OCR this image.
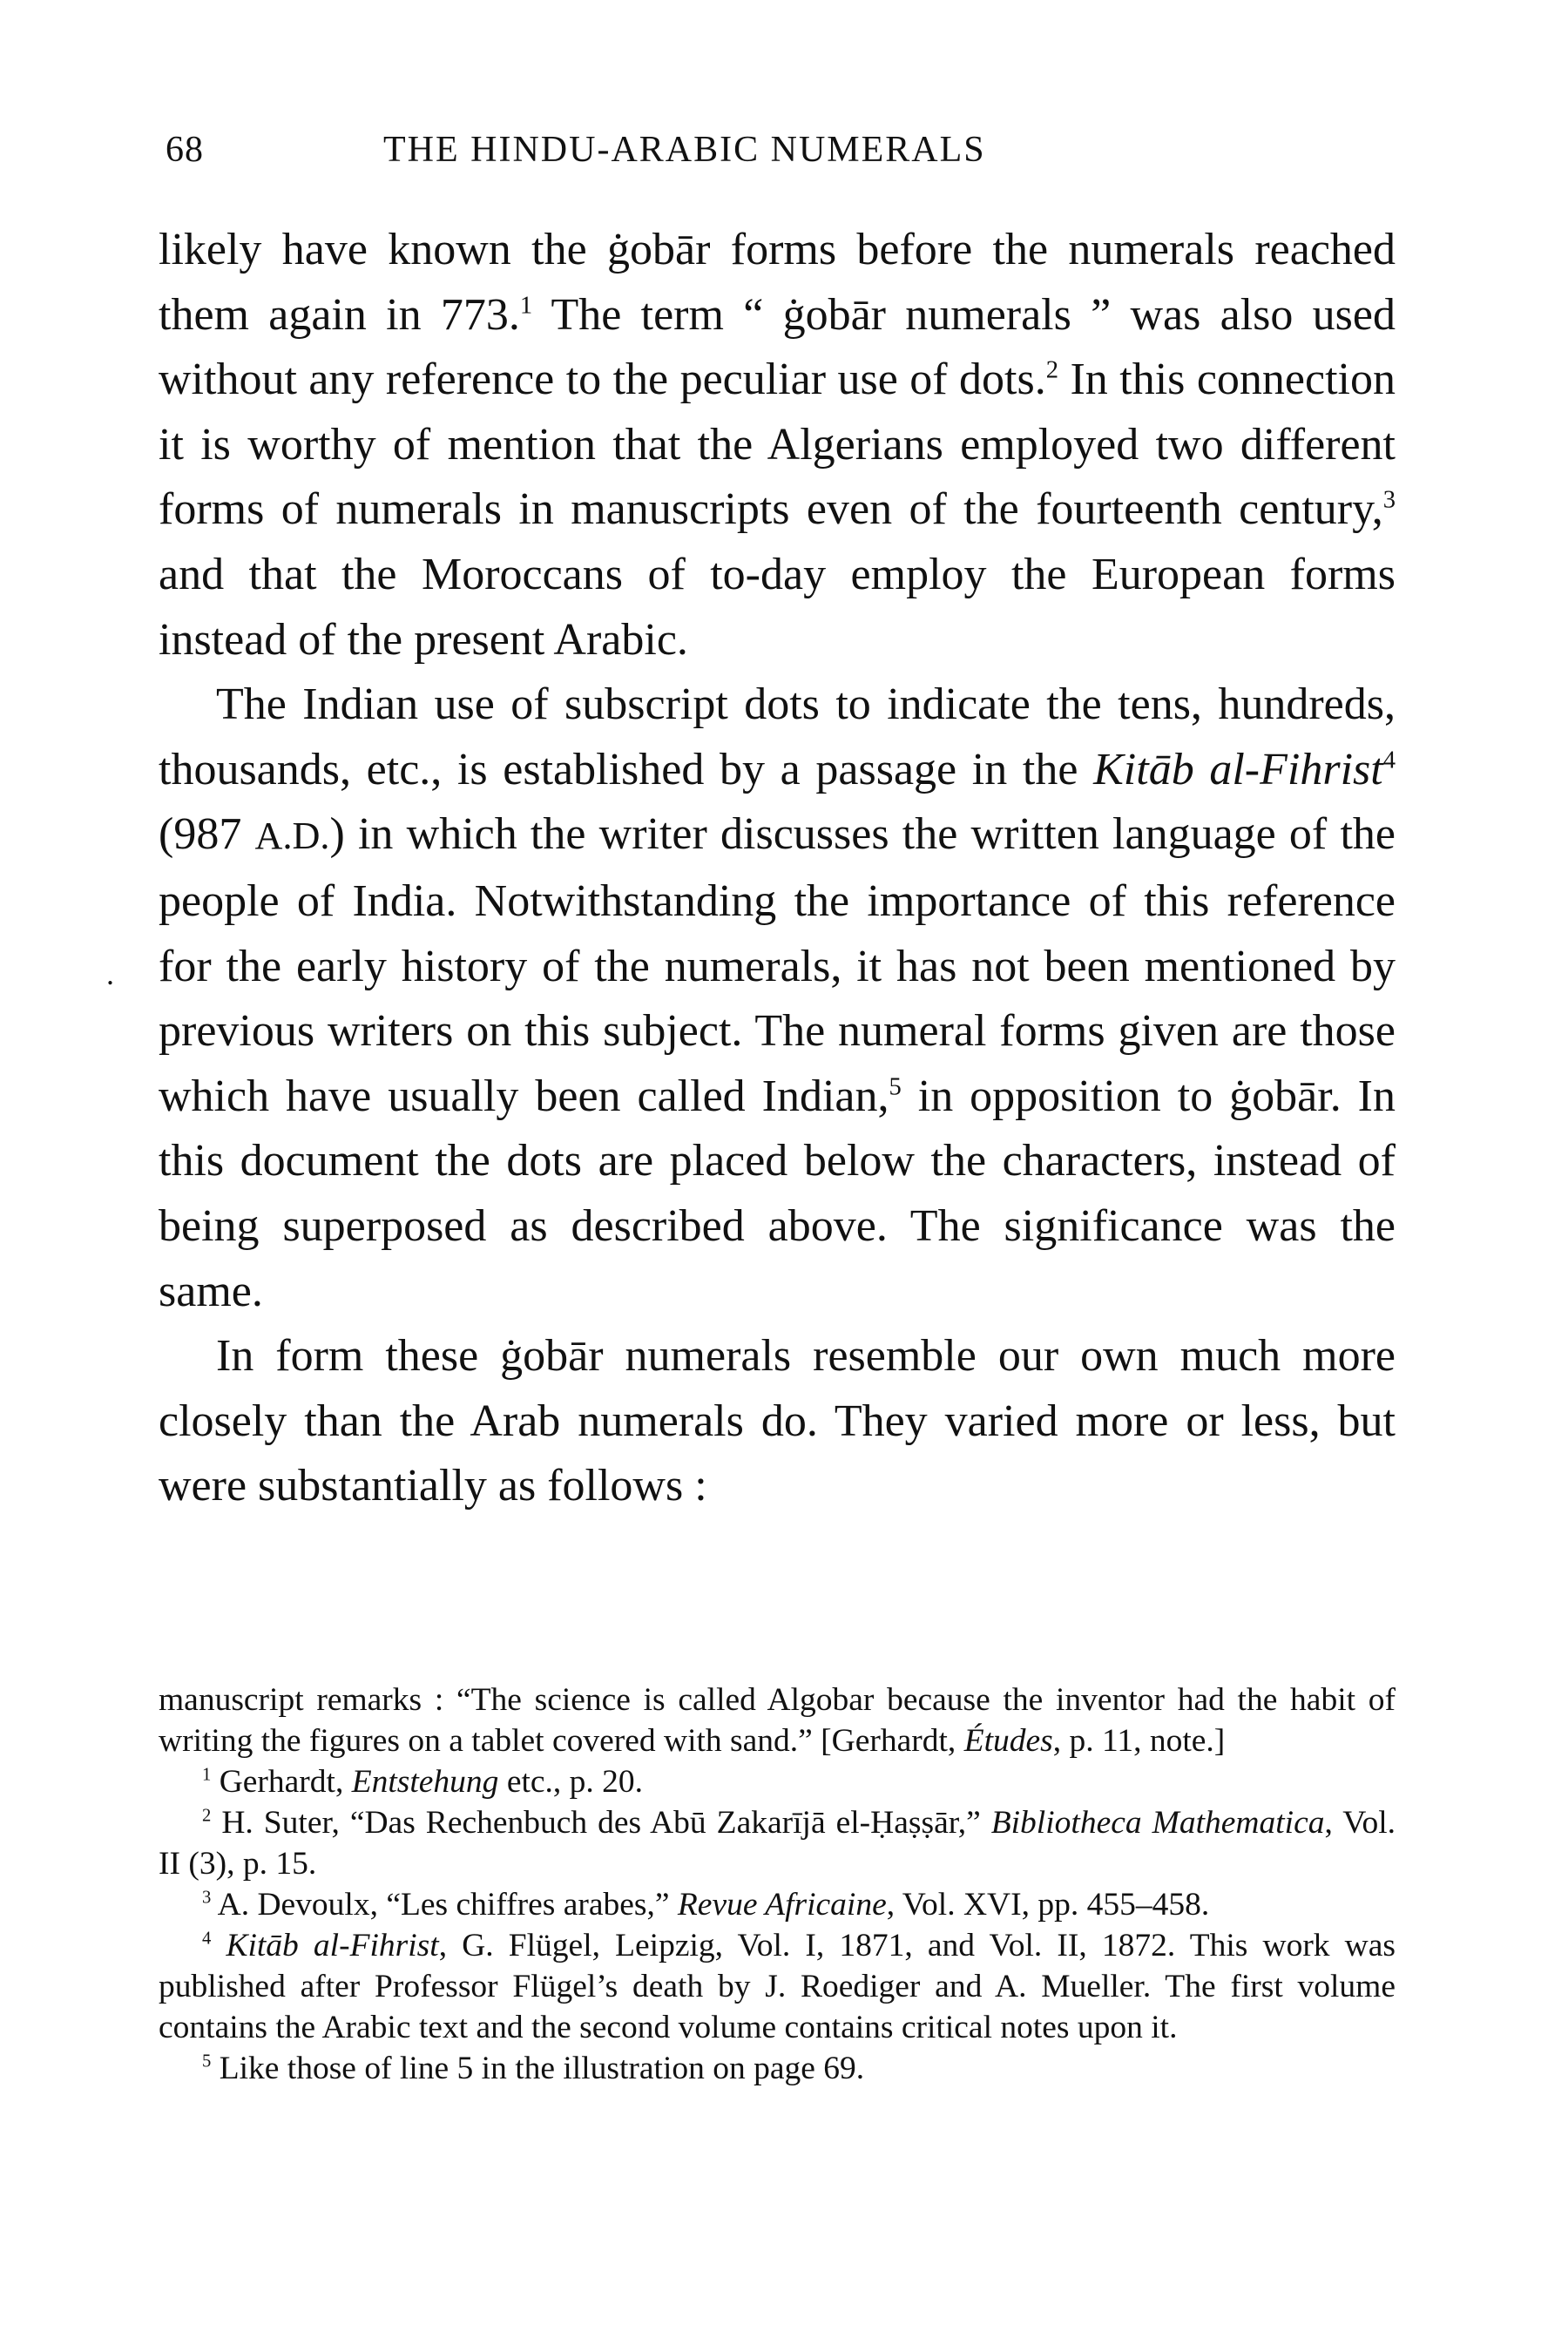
68	THE HINDU-ARABIC NUMERALS
.

likely have known the ġobār forms before the numerals reached them again in 773.$^1$ The term “ ġobār numerals ” was also used without any reference to the peculiar use of dots.$^2$ In this connection it is worthy of mention that the Algerians employed two different forms of numerals in manuscripts even of the fourteenth century,$^3$ and that the Moroccans of to-day employ the European forms instead of the present Arabic.

The Indian use of subscript dots to indicate the tens, hundreds, thousands, etc., is established by a passage in the Kitāb al-Fihrist$^4$ (987 A.D.) in which the writer discusses the written language of the people of India. Notwithstanding the importance of this reference for the early history of the numerals, it has not been mentioned by previous writers on this subject. The numeral forms given are those which have usually been called Indian,$^5$ in opposition to ġobār. In this document the dots are placed below the characters, instead of being superposed as described above. The significance was the same.

In form these ġobār numerals resemble our own much more closely than the Arab numerals do. They varied more or less, but were substantially as follows :

manuscript remarks : “The science is called Algobar because the inventor had the habit of writing the figures on a tablet covered with sand.” [Gerhardt, Études, p. 11, note.]

$^1$ Gerhardt, Entstehung etc., p. 20.

$^2$ H. Suter, “Das Rechenbuch des Abū Zakarījā el-Ḥaṣṣār,” Bibliotheca Mathematica, Vol. II (3), p. 15.

$^3$ A. Devoulx, “Les chiffres arabes,” Revue Africaine, Vol. XVI, pp. 455–458.

$^4$ Kitāb al-Fihrist, G. Flügel, Leipzig, Vol. I, 1871, and Vol. II, 1872. This work was published after Professor Flügel’s death by J. Roediger and A. Mueller. The first volume contains the Arabic text and the second volume contains critical notes upon it.

$^5$ Like those of line 5 in the illustration on page 69.
